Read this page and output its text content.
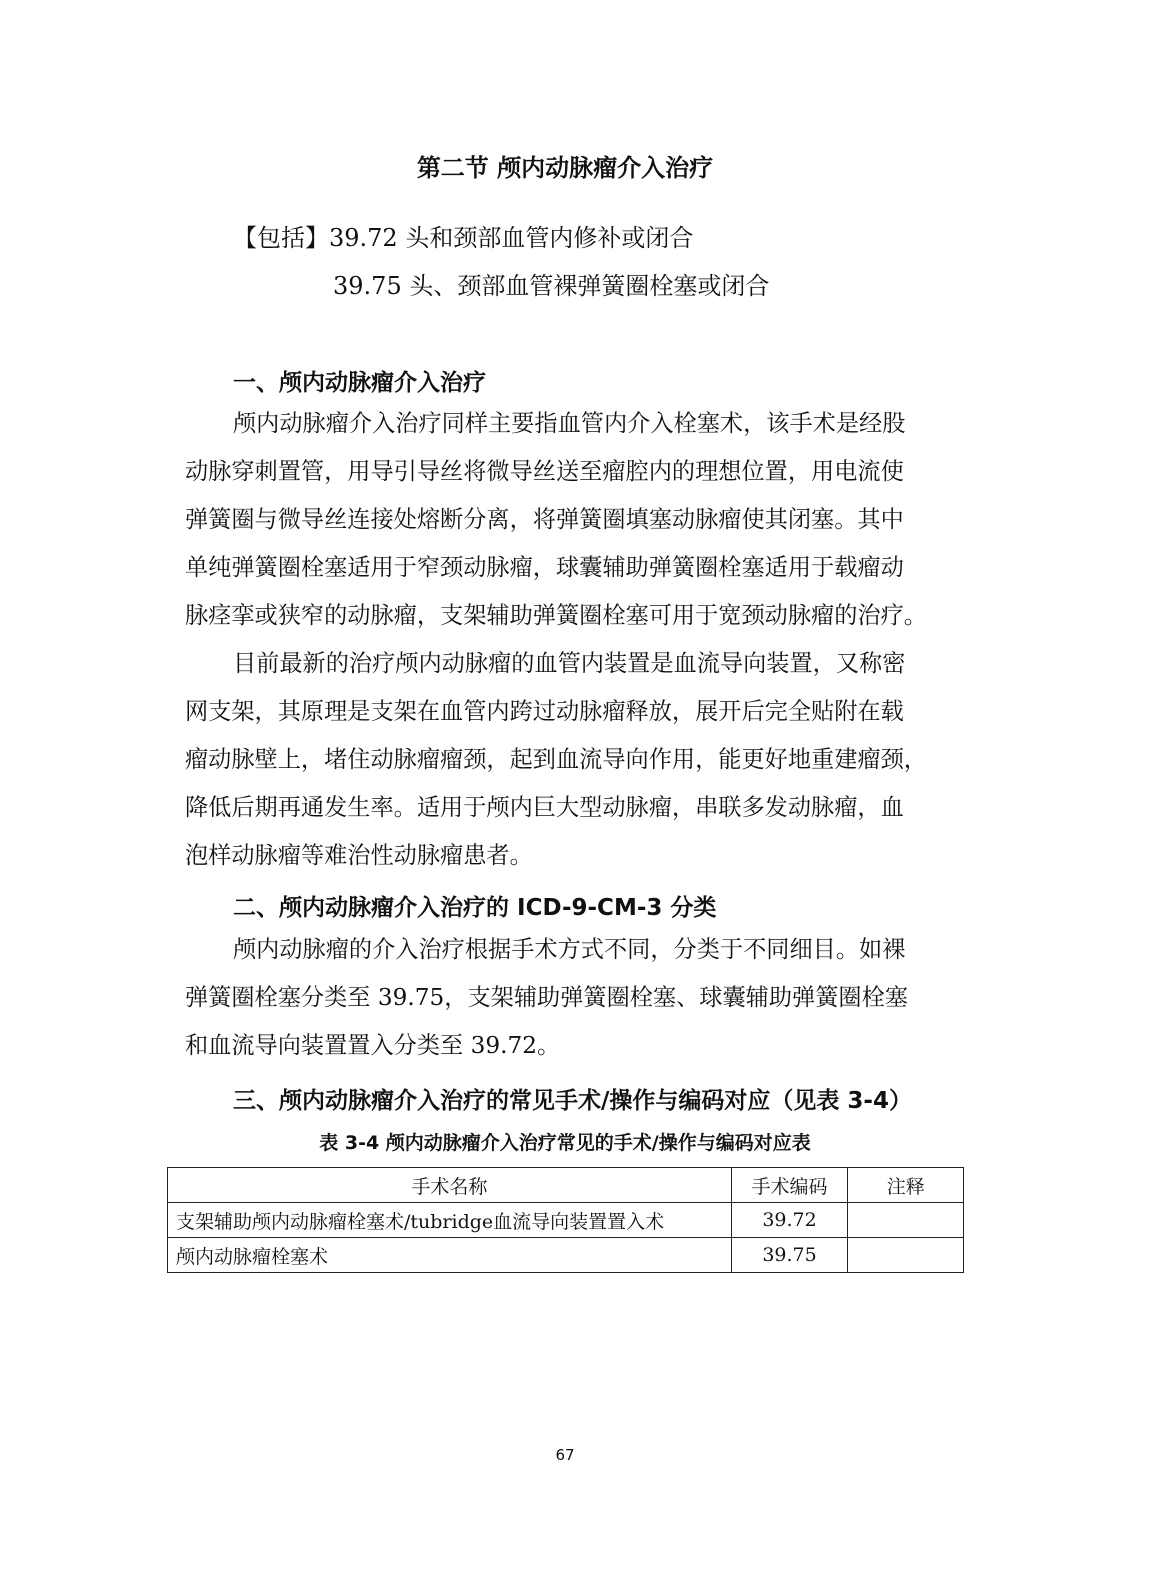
第二节 颅内动脉瘤介入治疗
【包括】39.72 头和颈部血管内修补或闭合
39.75 头、颈部血管裸弹簧圈栓塞或闭合
一、颅内动脉瘤介入治疗
颅内动脉瘤介入治疗同样主要指血管内介入栓塞术，该手术是经股
动脉穿刺置管，用导引导丝将微导丝送至瘤腔内的理想位置，用电流使
弹簧圈与微导丝连接处熔断分离，将弹簧圈填塞动脉瘤使其闭塞。其中
单纯弹簧圈栓塞适用于窄颈动脉瘤，球囊辅助弹簧圈栓塞适用于载瘤动
脉痉挛或狭窄的动脉瘤，支架辅助弹簧圈栓塞可用于宽颈动脉瘤的治疗。
目前最新的治疗颅内动脉瘤的血管内装置是血流导向装置，又称密
网支架，其原理是支架在血管内跨过动脉瘤释放，展开后完全贴附在载
瘤动脉壁上，堵住动脉瘤瘤颈，起到血流导向作用，能更好地重建瘤颈，
降低后期再通发生率。适用于颅内巨大型动脉瘤，串联多发动脉瘤，血
泡样动脉瘤等难治性动脉瘤患者。
二、颅内动脉瘤介入治疗的 ICD-9-CM-3 分类
颅内动脉瘤的介入治疗根据手术方式不同，分类于不同细目。如裸
弹簧圈栓塞分类至 39.75，支架辅助弹簧圈栓塞、球囊辅助弹簧圈栓塞
和血流导向装置置入分类至 39.72。
三、颅内动脉瘤介入治疗的常见手术/操作与编码对应（见表 3-4）
表 3-4 颅内动脉瘤介入治疗常见的手术/操作与编码对应表
手术名称	手术编码	注释
支架辅助颅内动脉瘤栓塞术/tubridge血流导向装置置入术	39.72	
颅内动脉瘤栓塞术	39.75	
67
